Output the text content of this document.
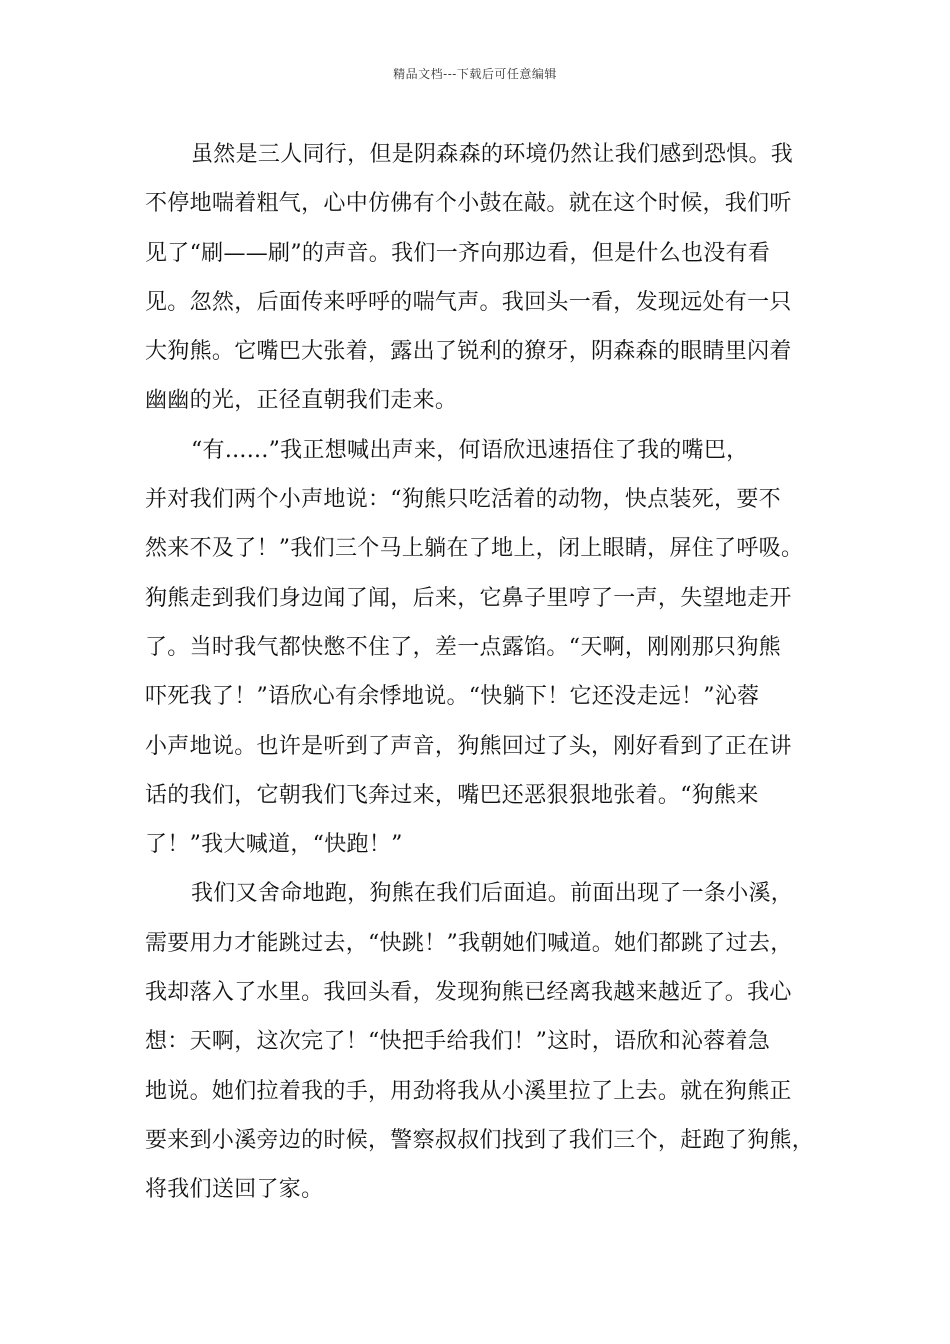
精品文档---下载后可任意编辑
虽然是三人同行，但是阴森森的环境仍然让我们感到恐惧。我
不停地喘着粗气，心中仿佛有个小鼓在敲。就在这个时候，我们听
见了“刷——刷”的声音。我们一齐向那边看，但是什么也没有看
见。忽然，后面传来呼呼的喘气声。我回头一看，发现远处有一只
大狗熊。它嘴巴大张着，露出了锐利的獠牙，阴森森的眼睛里闪着
幽幽的光，正径直朝我们走来。
“有......”我正想喊出声来，何语欣迅速捂住了我的嘴巴，
并对我们两个小声地说：“狗熊只吃活着的动物，快点装死，要不
然来不及了！”我们三个马上躺在了地上，闭上眼睛，屏住了呼吸。
狗熊走到我们身边闻了闻，后来，它鼻子里哼了一声，失望地走开
了。当时我气都快憋不住了，差一点露馅。“天啊，刚刚那只狗熊
吓死我了！”语欣心有余悸地说。“快躺下！它还没走远！”沁蓉
小声地说。也许是听到了声音，狗熊回过了头，刚好看到了正在讲
话的我们，它朝我们飞奔过来，嘴巴还恶狠狠地张着。“狗熊来
了！”我大喊道，“快跑！”
我们又舍命地跑，狗熊在我们后面追。前面出现了一条小溪，
需要用力才能跳过去，“快跳！”我朝她们喊道。她们都跳了过去，
我却落入了水里。我回头看，发现狗熊已经离我越来越近了。我心
想：天啊，这次完了！“快把手给我们！”这时，语欣和沁蓉着急
地说。她们拉着我的手，用劲将我从小溪里拉了上去。就在狗熊正
要来到小溪旁边的时候，警察叔叔们找到了我们三个，赶跑了狗熊，
将我们送回了家。
